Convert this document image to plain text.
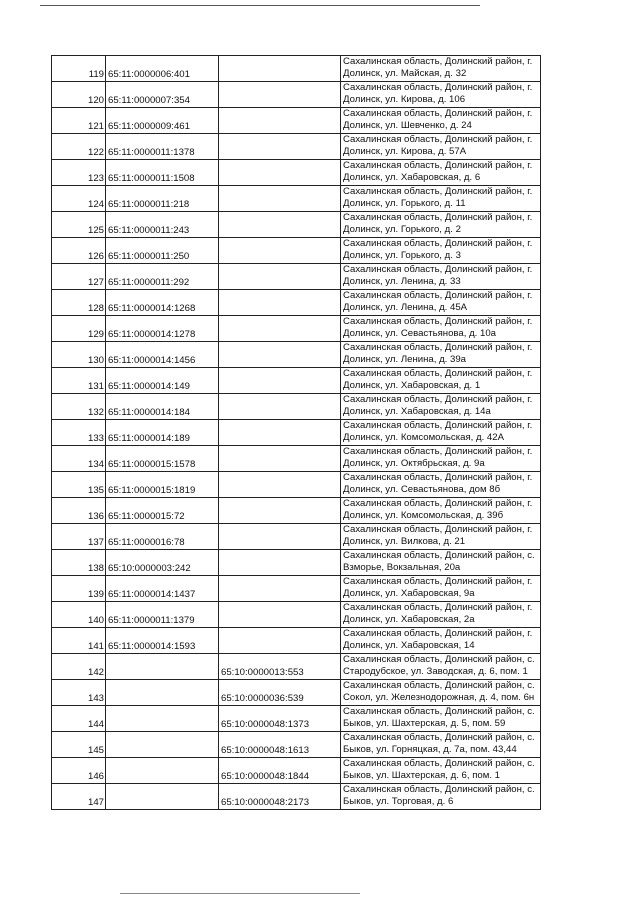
119	65:11:0000006:401		Сахалинская область, Долинский район, г.
Долинск, ул. Майская, д. 32

120	65:11:0000007:354		Сахалинская область, Долинский район, г.
Долинск, ул. Кирова, д. 106

121	65:11:0000009:461		Сахалинская область, Долинский район, г.
Долинск, ул. Шевченко, д. 24

122	65:11:0000011:1378		Сахалинская область, Долинский район, г.
Долинск, ул. Кирова, д. 57А

123	65:11:0000011:1508		Сахалинская область, Долинский район, г.
Долинск, ул. Хабаровская, д. 6

124	65:11:0000011:218		Сахалинская область, Долинский район, г.
Долинск, ул. Горького, д. 11

125	65:11:0000011:243		Сахалинская область, Долинский район, г.
Долинск, ул. Горького, д. 2

126	65:11:0000011:250		Сахалинская область, Долинский район, г.
Долинск, ул. Горького, д. 3

127	65:11:0000011:292		Сахалинская область, Долинский район, г.
Долинск, ул. Ленина, д. 33

128	65:11:0000014:1268		Сахалинская область, Долинский район, г.
Долинск, ул. Ленина, д. 45А

129	65:11:0000014:1278		Сахалинская область, Долинский район, г.
Долинск, ул. Севастьянова, д. 10а

130	65:11:0000014:1456		Сахалинская область, Долинский район, г.
Долинск, ул. Ленина, д. 39а

131	65:11:0000014:149		Сахалинская область, Долинский район, г.
Долинск, ул. Хабаровская, д. 1

132	65:11:0000014:184		Сахалинская область, Долинский район, г.
Долинск, ул. Хабаровская, д. 14а

133	65:11:0000014:189		Сахалинская область, Долинский район, г.
Долинск, ул. Комсомольская, д. 42А

134	65:11:0000015:1578		Сахалинская область, Долинский район, г.
Долинск, ул. Октябрьская, д. 9а

135	65:11:0000015:1819		Сахалинская область, Долинский район, г.
Долинск, ул. Севастьянова, дом 8б

136	65:11:0000015:72		Сахалинская область, Долинский район, г.
Долинск, ул. Комсомольская, д. 39б

137	65:11:0000016:78		Сахалинская область, Долинский район, г.
Долинск, ул. Вилкова, д. 21

138	65:10:0000003:242		Сахалинская область, Долинский район, с.
Взморье, Вокзальная, 20а

139	65:11:0000014:1437		Сахалинская область, Долинский район, г.
Долинск, ул. Хабаровская, 9а

140	65:11:0000011:1379		Сахалинская область, Долинский район, г.
Долинск, ул. Хабаровская, 2а

141	65:11:0000014:1593		Сахалинская область, Долинский район, г.
Долинск, ул. Хабаровская, 14

142		65:10:0000013:553	Сахалинская область, Долинский район, с.
Стародубское, ул. Заводская, д. 6, пом. 1

143		65:10:0000036:539	Сахалинская область, Долинский район, с.
Сокол, ул. Железнодорожная, д. 4, пом. 6н

144		65:10:0000048:1373	Сахалинская область, Долинский район, с.
Быков, ул. Шахтерская, д. 5, пом. 59

145		65:10:0000048:1613	Сахалинская область, Долинский район, с.
Быков, ул. Горняцкая, д. 7а, пом. 43,44

146		65:10:0000048:1844	Сахалинская область, Долинский район, с.
Быков, ул. Шахтерская, д. 6, пом. 1

147		65:10:0000048:2173	Сахалинская область, Долинский район, с.
Быков, ул. Торговая, д. 6
